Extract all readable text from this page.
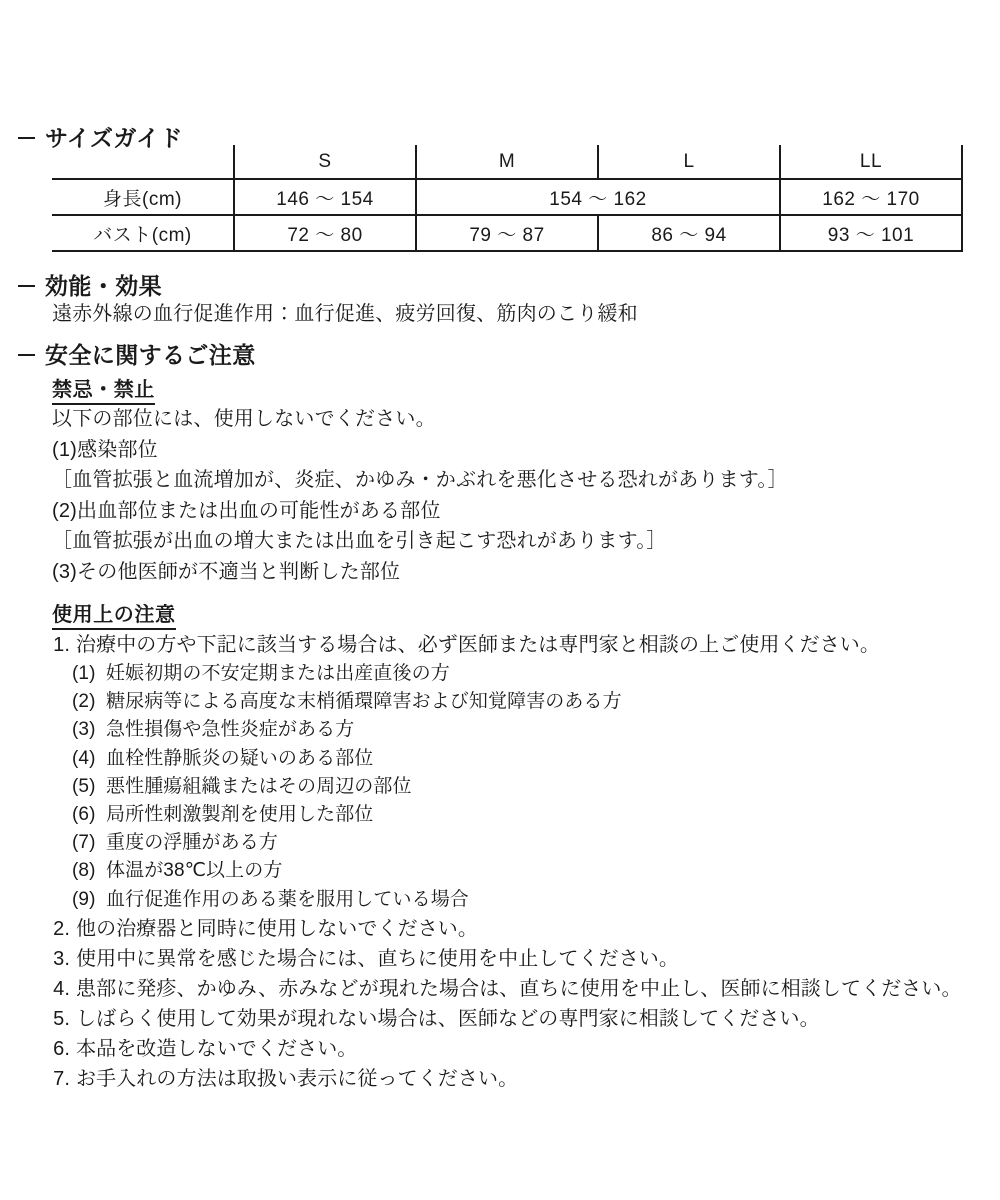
サイズガイド
	S	M	L	LL
身長(cm)	146 ～ 154	154 ～ 162		162 ～ 170
バスト(cm)	72 ～ 80	79 ～ 87	86 ～ 94	93 ～ 101
効能・効果
遠赤外線の血行促進作用：血行促進、疲労回復、筋肉のこり緩和
安全に関するご注意
禁忌・禁止
以下の部位には、使用しないでください。
(1)感染部位
［血管拡張と血流増加が、炎症、かゆみ・かぶれを悪化させる恐れがあります。］
(2)出血部位または出血の可能性がある部位
［血管拡張が出血の増大または出血を引き起こす恐れがあります。］
(3)その他医師が不適当と判断した部位
使用上の注意
1. 治療中の方や下記に該当する場合は、必ず医師または専門家と相談の上ご使用ください。
(1) 妊娠初期の不安定期または出産直後の方
(2) 糖尿病等による高度な末梢循環障害および知覚障害のある方
(3) 急性損傷や急性炎症がある方
(4) 血栓性静脈炎の疑いのある部位
(5) 悪性腫瘍組織またはその周辺の部位
(6) 局所性刺激製剤を使用した部位
(7) 重度の浮腫がある方
(8) 体温が38℃以上の方
(9) 血行促進作用のある薬を服用している場合
2. 他の治療器と同時に使用しないでください。
3. 使用中に異常を感じた場合には、直ちに使用を中止してください。
4. 患部に発疹、かゆみ、赤みなどが現れた場合は、直ちに使用を中止し、医師に相談してください。
5. しばらく使用して効果が現れない場合は、医師などの専門家に相談してください。
6. 本品を改造しないでください。
7. お手入れの方法は取扱い表示に従ってください。
